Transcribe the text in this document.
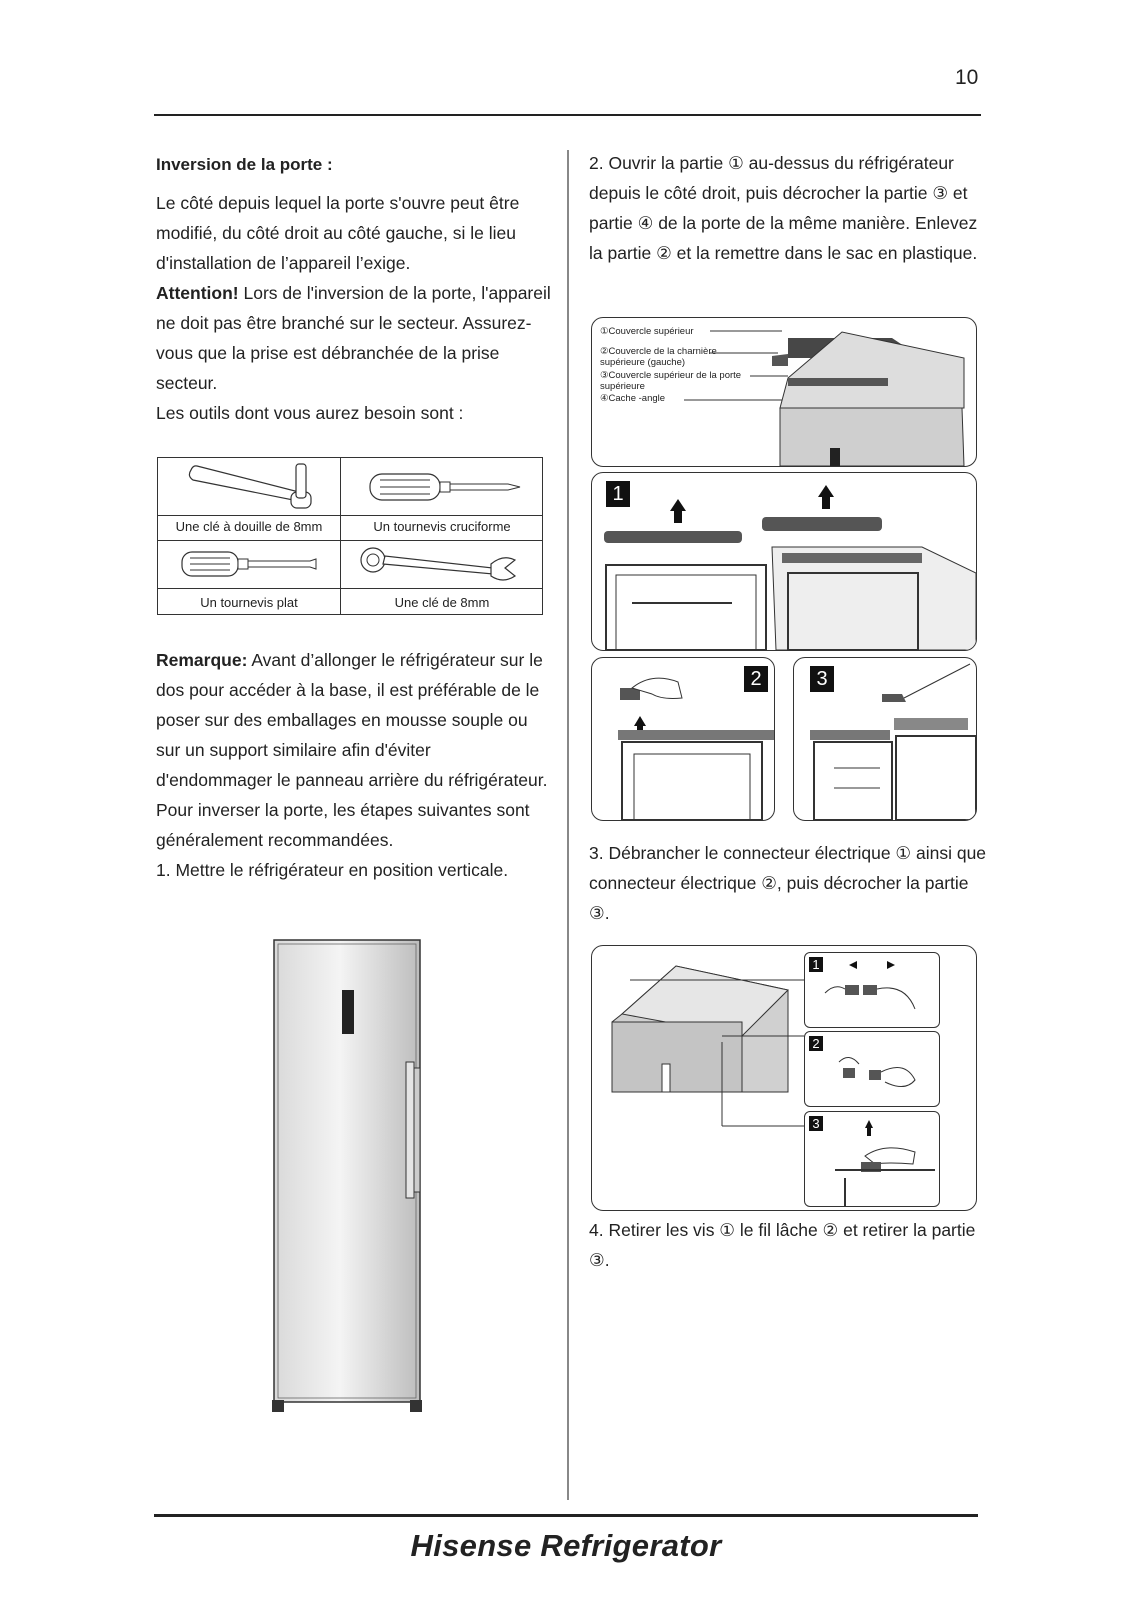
10

Inversion de la porte :

Le côté depuis lequel la porte s'ouvre peut être modifié, du côté droit au côté gauche, si le lieu d'installation de l’appareil l’exige.
Attention! Lors de l'inversion de la porte, l'appareil ne doit pas être branché sur le secteur. Assurez-vous que la prise est débranchée de la prise secteur.
Les outils dont vous aurez besoin sont :

Une clé à douille de 8mm	Un tournevis cruciforme
Un tournevis plat	Une clé de 8mm
Remarque: Avant d’allonger le réfrigérateur sur le dos pour accéder à la base, il est préférable de le poser sur des emballages en mousse souple ou sur un support similaire afin d'éviter d'endommager le panneau arrière du réfrigérateur. Pour inverser la porte, les étapes suivantes sont généralement recommandées.
1. Mettre le réfrigérateur en position verticale.
2. Ouvrir la partie ① au-dessus du réfrigérateur depuis le côté droit, puis décrocher la partie ③ et partie ④ de la porte de la même manière. Enlevez la partie ② et la remettre dans le sac en plastique.
①Couvercle supérieur
②Couvercle de la charnière supérieure (gauche)
③Couvercle supérieur de la porte supérieure
④Cache -angle
1
2	3
3. Débrancher le connecteur électrique ① ainsi que connecteur électrique ②, puis décrocher la partie ③.
1
2
3
4. Retirer les vis ① le fil lâche ② et retirer la partie ③.
Hisense Refrigerator
